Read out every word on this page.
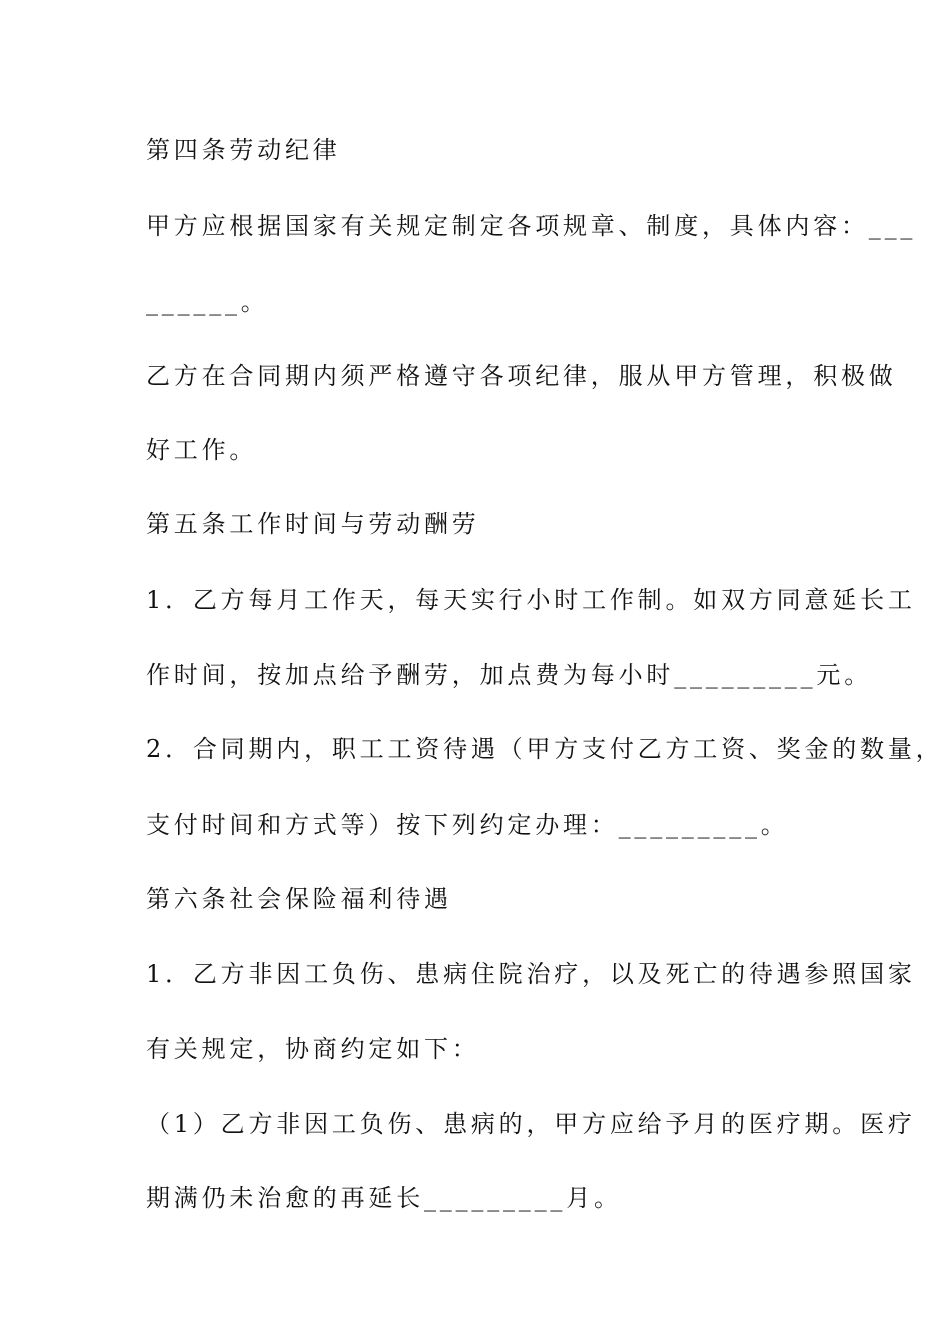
第四条劳动纪律
甲方应根据国家有关规定制定各项规章、制度，具体内容：___
______。
乙方在合同期内须严格遵守各项纪律，服从甲方管理，积极做
好工作。
第五条工作时间与劳动酬劳
1．乙方每月工作天，每天实行小时工作制。如双方同意延长工
作时间，按加点给予酬劳，加点费为每小时_________元。
2．合同期内，职工工资待遇（甲方支付乙方工资、奖金的数量，
支付时间和方式等）按下列约定办理：_________。
第六条社会保险福利待遇
1．乙方非因工负伤、患病住院治疗，以及死亡的待遇参照国家
有关规定，协商约定如下：
（1）乙方非因工负伤、患病的，甲方应给予月的医疗期。医疗
期满仍未治愈的再延长_________月。
